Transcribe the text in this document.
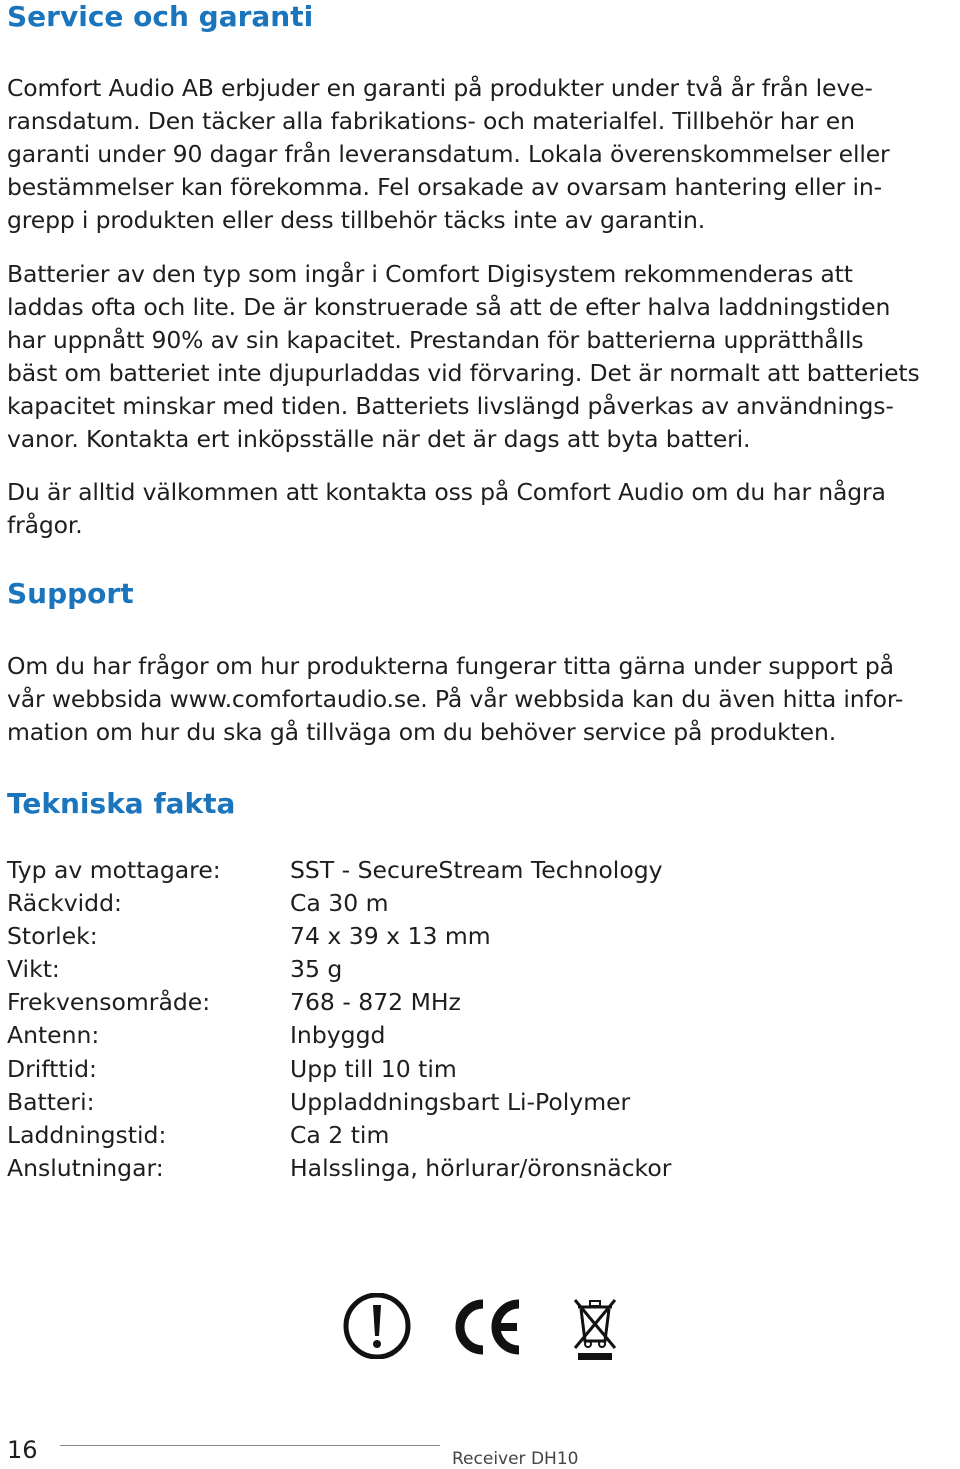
Service och garanti

Comfort Audio AB erbjuder en garanti på produkter under två år från leve-
ransdatum. Den täcker alla fabrikations- och materialfel. Tillbehör har en
garanti under 90 dagar från leveransdatum. Lokala överenskommelser eller
bestämmelser kan förekomma. Fel orsakade av ovarsam hantering eller in-
grepp i produkten eller dess tillbehör täcks inte av garantin.

Batterier av den typ som ingår i Comfort Digisystem rekommenderas att
laddas ofta och lite. De är konstruerade så att de efter halva laddningstiden
har uppnått 90% av sin kapacitet. Prestandan för batterierna upprätthålls
bäst om batteriet inte djupurladdas vid förvaring. Det är normalt att batteriets
kapacitet minskar med tiden. Batteriets livslängd påverkas av användnings-
vanor. Kontakta ert inköpsställe när det är dags att byta batteri.

Du är alltid välkommen att kontakta oss på Comfort Audio om du har några
frågor.

Support

Om du har frågor om hur produkterna fungerar titta gärna under support på
vår webbsida www.comfortaudio.se. På vår webbsida kan du även hitta infor-
mation om hur du ska gå tillväga om du behöver service på produkten.

Tekniska fakta
Typ av mottagare:	SST - SecureStream Technology
Räckvidd:	Ca 30 m
Storlek:	74 x 39 x 13 mm
Vikt:	35 g
Frekvensområde:	768 - 872 MHz
Antenn:	Inbyggd
Drifttid:	Upp till 10 tim
Batteri:	Uppladdningsbart Li-Polymer
Laddningstid:	Ca 2 tim
Anslutningar:	Halsslinga, hörlurar/öronsnäckor
16	Receiver DH10
